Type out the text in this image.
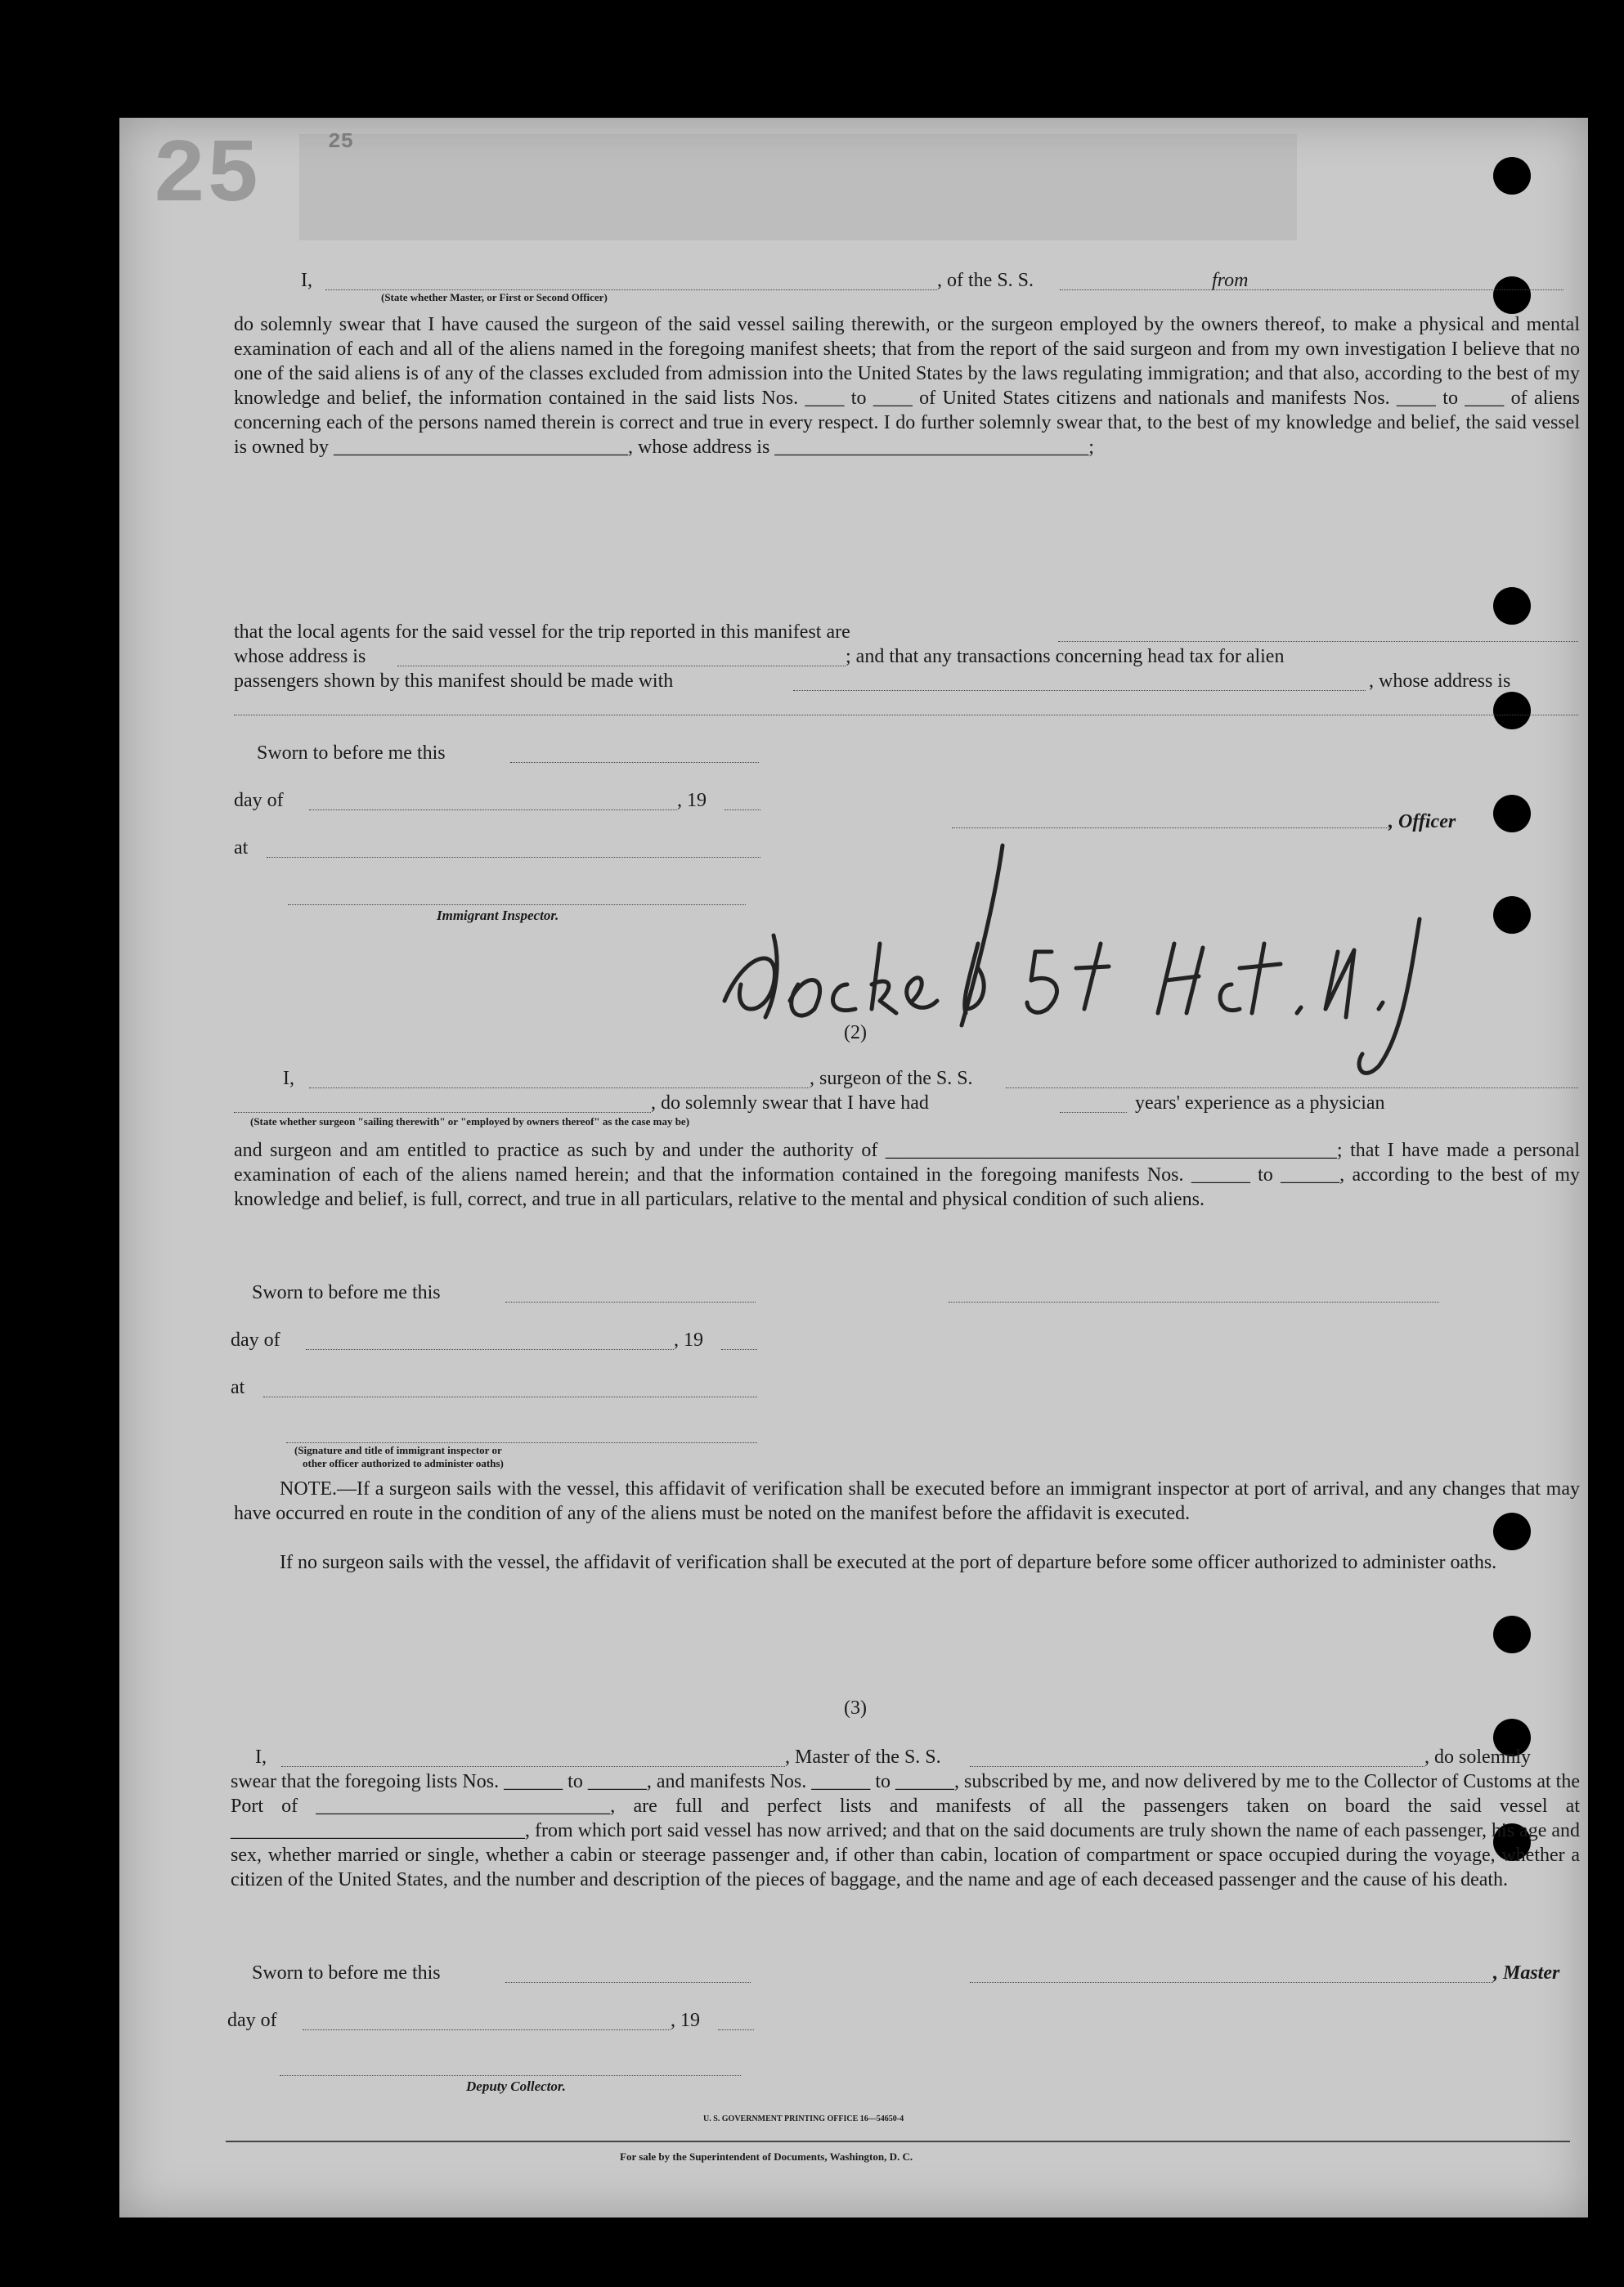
25	25
I,
(State whether Master, or First or Second Officer)
, of the S. S.	from
do solemnly swear that I have caused the surgeon of the said vessel sailing therewith, or the surgeon employed by the owners thereof, to make a physical and mental examination of each and all of the aliens named in the foregoing manifest sheets; that from the report of the said surgeon and from my own investigation I believe that no one of the said aliens is of any of the classes excluded from admission into the United States by the laws regulating immigration; and that also, according to the best of my knowledge and belief, the information contained in the said lists Nos. ____ to ____ of United States citizens and nationals and manifests Nos. ____ to ____ of aliens concerning each of the persons named therein is correct and true in every respect. I do further solemnly swear that, to the best of my knowledge and belief, the said vessel is owned by ______________________________, whose address is ________________________________;
that the local agents for the said vessel for the trip reported in this manifest are
whose address is	; and that any transactions concerning head tax for alien
passengers shown by this manifest should be made with	, whose address is
Sworn to before me this
day of	, 19
at
, Officer
Immigrant Inspector.
(2)
I,	, surgeon of the S. S.
, do solemnly swear that I have had	years' experience as a physician
(State whether surgeon "sailing therewith" or "employed by owners thereof" as the case may be)
and surgeon and am entitled to practice as such by and under the authority of ______________________________________________; that I have made a personal examination of each of the aliens named herein; and that the information contained in the foregoing manifests Nos. ______ to ______, according to the best of my knowledge and belief, is full, correct, and true in all particulars, relative to the mental and physical condition of such aliens.
Sworn to before me this
day of	, 19
at
(Signature and title of immigrant inspector or
other officer authorized to administer oaths)
NOTE.—If a surgeon sails with the vessel, this affidavit of verification shall be executed before an immigrant inspector at port of arrival, and any changes that may have occurred en route in the condition of any of the aliens must be noted on the manifest before the affidavit is executed.
If no surgeon sails with the vessel, the affidavit of verification shall be executed at the port of departure before some officer authorized to administer oaths.
(3)
I,	, Master of the S. S.	, do solemnly
swear that the foregoing lists Nos. ______ to ______, and manifests Nos. ______ to ______, subscribed by me, and now delivered by me to the Collector of Customs at the Port of ______________________________, are full and perfect lists and manifests of all the passengers taken on board the said vessel at ______________________________, from which port said vessel has now arrived; and that on the said documents are truly shown the name of each passenger, his age and sex, whether married or single, whether a cabin or steerage passenger and, if other than cabin, location of compartment or space occupied during the voyage, whether a citizen of the United States, and the number and description of the pieces of baggage, and the name and age of each deceased passenger and the cause of his death.
Sworn to before me this	, Master
day of	, 19
Deputy Collector.
U. S. GOVERNMENT PRINTING OFFICE 16—54650-4
For sale by the Superintendent of Documents, Washington, D. C.
